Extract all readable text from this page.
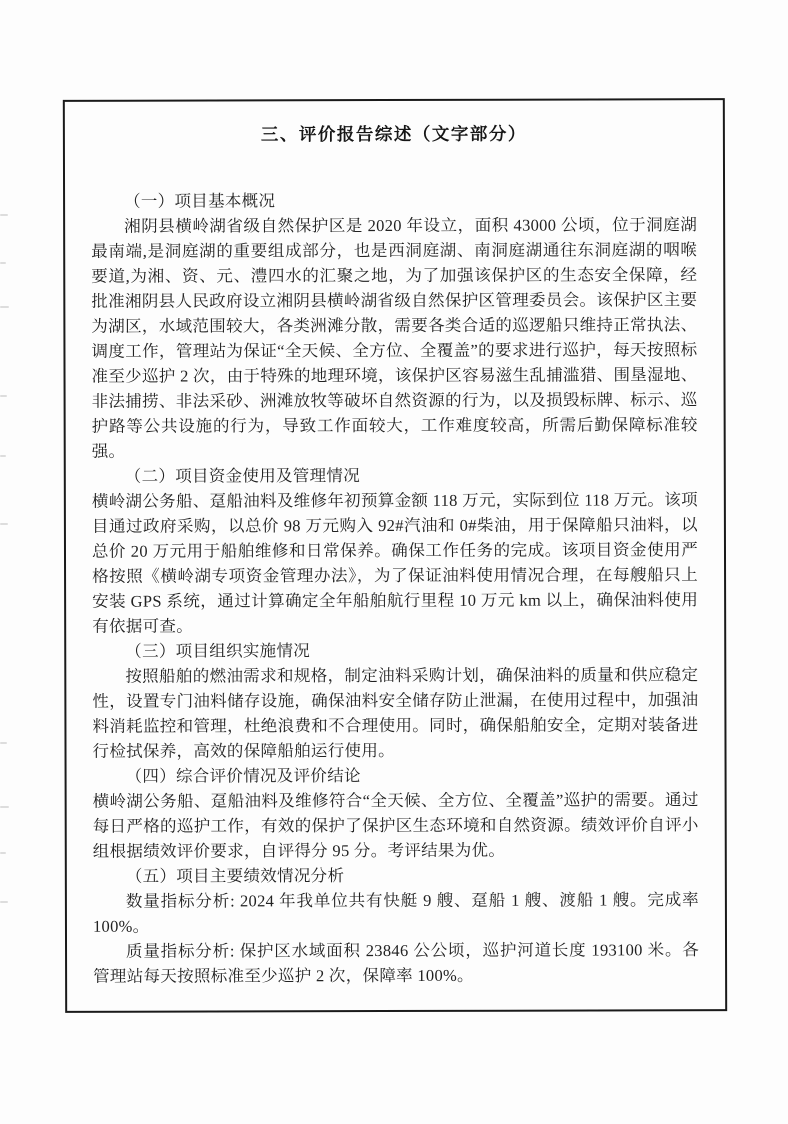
三、评价报告综述（文字部分）

（一）项目基本概况

湘阴县横岭湖省级自然保护区是 2020 年设立，面积 43000 公顷，位于洞庭湖最南端,是洞庭湖的重要组成部分，也是西洞庭湖、南洞庭湖通往东洞庭湖的咽喉要道,为湘、资、元、澧四水的汇聚之地，为了加强该保护区的生态安全保障，经批准湘阴县人民政府设立湘阴县横岭湖省级自然保护区管理委员会。该保护区主要为湖区，水域范围较大，各类洲滩分散，需要各类合适的巡逻船只维持正常执法、调度工作，管理站为保证“全天候、全方位、全覆盖”的要求进行巡护，每天按照标准至少巡护 2 次，由于特殊的地理环境，该保护区容易滋生乱捕滥猎、围垦湿地、非法捕捞、非法采砂、洲滩放牧等破坏自然资源的行为，以及损毁标牌、标示、巡护路等公共设施的行为，导致工作面较大，工作难度较高，所需后勤保障标准较强。

（二）项目资金使用及管理情况

横岭湖公务船、趸船油料及维修年初预算金额 118 万元，实际到位 118 万元。该项目通过政府采购，以总价 98 万元购入 92#汽油和 0#柴油，用于保障船只油料，以总价 20 万元用于船舶维修和日常保养。确保工作任务的完成。该项目资金使用严格按照《横岭湖专项资金管理办法》，为了保证油料使用情况合理，在每艘船只上安装 GPS 系统，通过计算确定全年船舶航行里程 10 万元 km 以上，确保油料使用有依据可查。

（三）项目组织实施情况

按照船舶的燃油需求和规格，制定油料采购计划，确保油料的质量和供应稳定性，设置专门油料储存设施，确保油料安全储存防止泄漏，在使用过程中，加强油料消耗监控和管理，杜绝浪费和不合理使用。同时，确保船舶安全，定期对装备进行检拭保养，高效的保障船舶运行使用。

（四）综合评价情况及评价结论

横岭湖公务船、趸船油料及维修符合“全天候、全方位、全覆盖”巡护的需要。通过每日严格的巡护工作，有效的保护了保护区生态环境和自然资源。绩效评价自评小组根据绩效评价要求，自评得分 95 分。考评结果为优。

（五）项目主要绩效情况分析

数量指标分析: 2024 年我单位共有快艇 9 艘、趸船 1 艘、渡船 1 艘。完成率 100%。

质量指标分析: 保护区水域面积 23846 公公顷，巡护河道长度 193100 米。各管理站每天按照标准至少巡护 2 次，保障率 100%。
